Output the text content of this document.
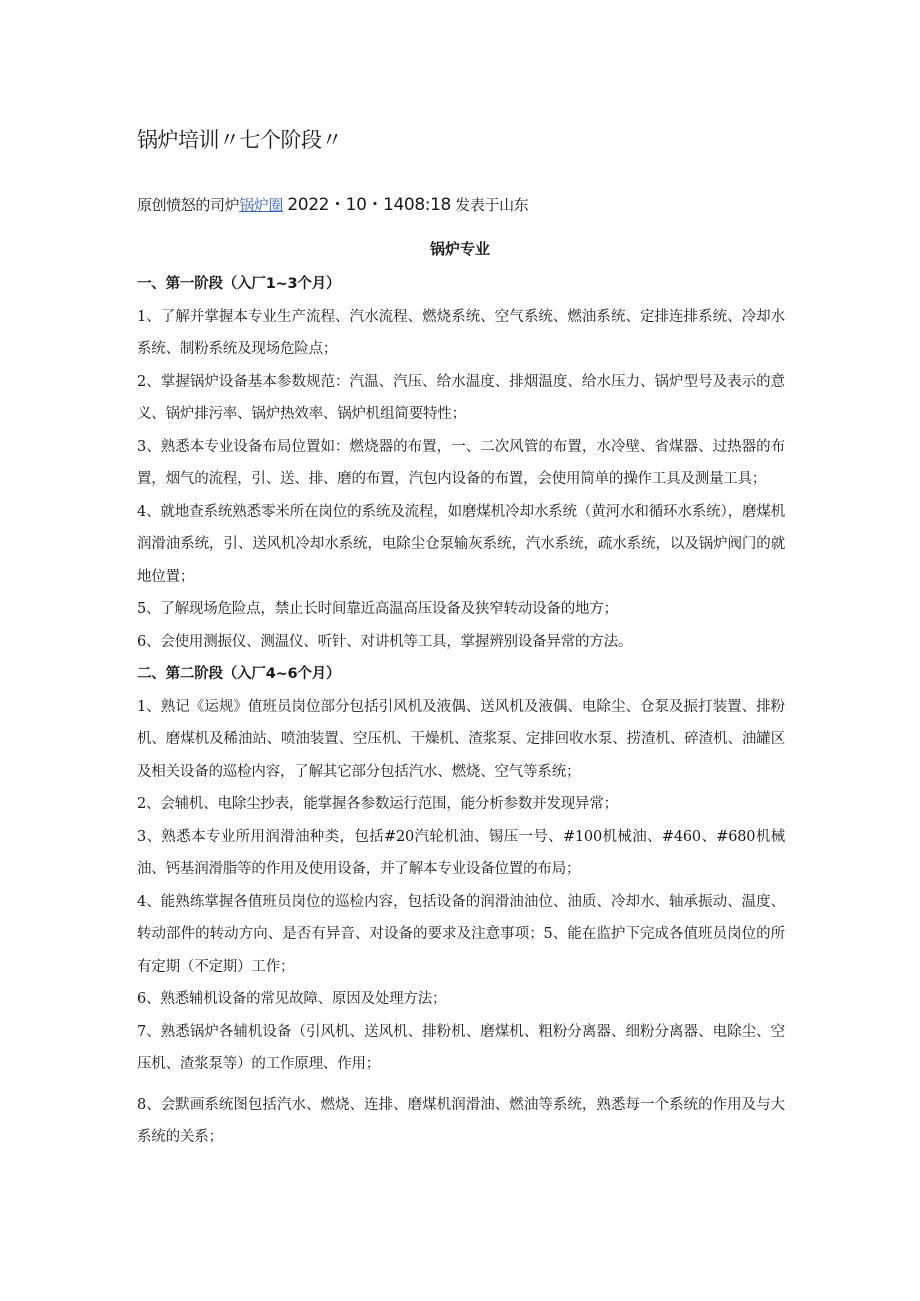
锅炉培训〃七个阶段〃
原创愤怒的司炉锅炉圈 2022・10・1408:18 发表于山东
锅炉专业

一、第一阶段（入厂1~3个月）

1、了解并掌握本专业生产流程、汽水流程、燃烧系统、空气系统、燃油系统、定排连排系统、冷却水系统、制粉系统及现场危险点；

2、掌握锅炉设备基本参数规范：汽温、汽压、给水温度、排烟温度、给水压力、锅炉型号及表示的意义、锅炉排污率、锅炉热效率、锅炉机组简要特性；

3、熟悉本专业设备布局位置如：燃烧器的布置，一、二次风管的布置，水冷壁、省煤器、过热器的布置，烟气的流程，引、送、排、磨的布置，汽包内设备的布置，会使用简单的操作工具及测量工具；

4、就地查系统熟悉零米所在岗位的系统及流程，如磨煤机冷却水系统（黄河水和循环水系统），磨煤机润滑油系统，引、送风机冷却水系统，电除尘仓泵输灰系统，汽水系统，疏水系统，以及锅炉阀门的就地位置；

5、了解现场危险点，禁止长时间靠近高温高压设备及狭窄转动设备的地方；

6、会使用测振仪、测温仪、听针、对讲机等工具，掌握辨别设备异常的方法。

二、第二阶段（入厂4~6个月）

1、熟记《运规》值班员岗位部分包括引风机及液偶、送风机及液偶、电除尘、仓泵及振打装置、排粉机、磨煤机及稀油站、喷油装置、空压机、干燥机、渣浆泵、定排回收水泵、捞渣机、碎渣机、油罐区及相关设备的巡检内容，了解其它部分包括汽水、燃烧、空气等系统；

2、会辅机、电除尘抄表，能掌握各参数运行范围，能分析参数并发现异常；

3、熟悉本专业所用润滑油种类，包括#20汽轮机油、锡压一号、#100机械油、#460、#680机械油、钙基润滑脂等的作用及使用设备，并了解本专业设备位置的布局；

4、能熟练掌握各值班员岗位的巡检内容，包括设备的润滑油油位、油质、冷却水、轴承振动、温度、转动部件的转动方向、是否有异音、对设备的要求及注意事项；5、能在监护下完成各值班员岗位的所有定期（不定期）工作；

6、熟悉辅机设备的常见故障、原因及处理方法；

7、熟悉锅炉各辅机设备（引风机、送风机、排粉机、磨煤机、粗粉分离器、细粉分离器、电除尘、空压机、渣浆泵等）的工作原理、作用；

8、会默画系统图包括汽水、燃烧、连排、磨煤机润滑油、燃油等系统，熟悉每一个系统的作用及与大系统的关系；
